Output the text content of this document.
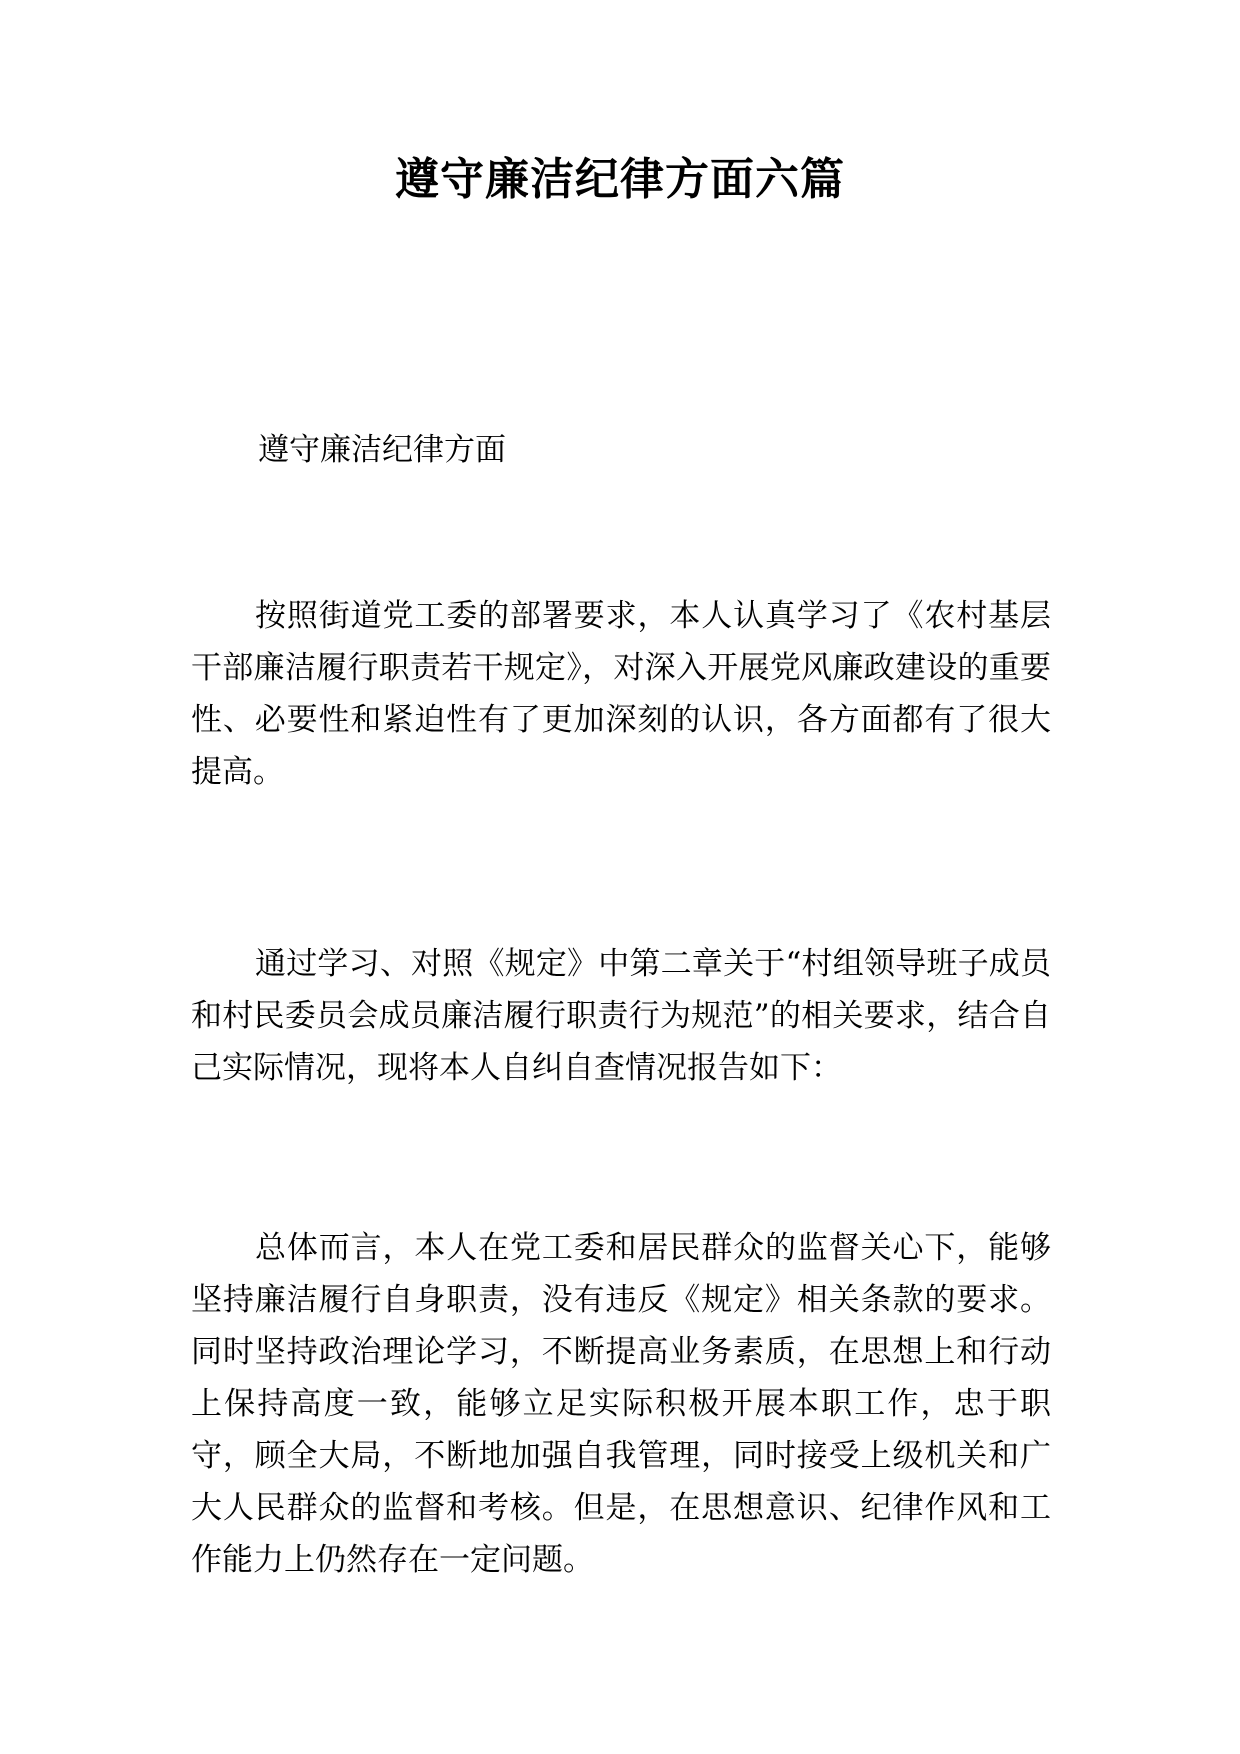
遵守廉洁纪律方面六篇
遵守廉洁纪律方面

按照街道党工委的部署要求，本人认真学习了《农村基层干部廉洁履行职责若干规定》，对深入开展党风廉政建设的重要性、必要性和紧迫性有了更加深刻的认识，各方面都有了很大提高。

通过学习、对照《规定》中第二章关于“村组领导班子成员和村民委员会成员廉洁履行职责行为规范”的相关要求，结合自己实际情况，现将本人自纠自查情况报告如下：

总体而言，本人在党工委和居民群众的监督关心下，能够坚持廉洁履行自身职责，没有违反《规定》相关条款的要求。同时坚持政治理论学习，不断提高业务素质，在思想上和行动上保持高度一致，能够立足实际积极开展本职工作，忠于职守，顾全大局，不断地加强自我管理，同时接受上级机关和广大人民群众的监督和考核。但是，在思想意识、纪律作风和工作能力上仍然存在一定问题。
